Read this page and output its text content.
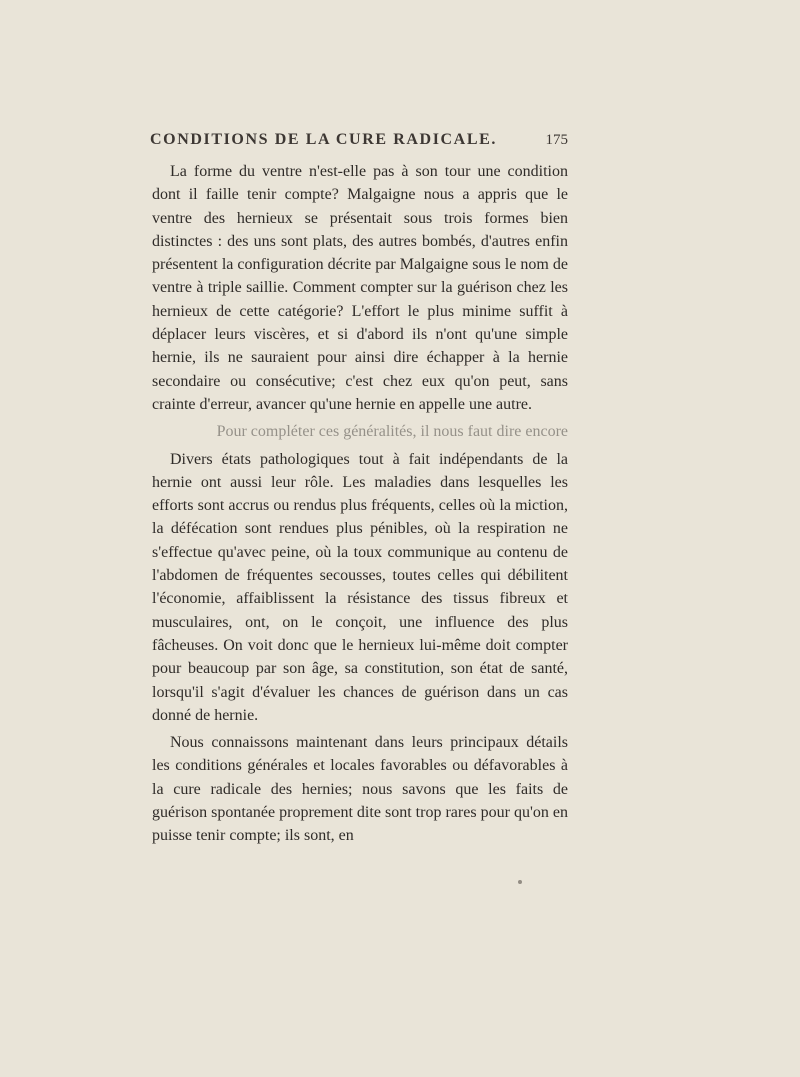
CONDITIONS DE LA CURE RADICALE.	175

La forme du ventre n'est-elle pas à son tour une condition dont il faille tenir compte? Malgaigne nous a appris que le ventre des hernieux se présentait sous trois formes bien distinctes : des uns sont plats, des autres bombés, d'autres enfin présentent la configuration décrite par Malgaigne sous le nom de ventre à triple saillie. Comment compter sur la guérison chez les hernieux de cette catégorie? L'effort le plus minime suffit à déplacer leurs viscères, et si d'abord ils n'ont qu'une simple hernie, ils ne sauraient pour ainsi dire échapper à la hernie secondaire ou consécutive; c'est chez eux qu'on peut, sans crainte d'erreur, avancer qu'une hernie en appelle une autre.

Pour compléter ces généralités, il nous faut dire encore

Divers états pathologiques tout à fait indépendants de la hernie ont aussi leur rôle. Les maladies dans lesquelles les efforts sont accrus ou rendus plus fréquents, celles où la miction, la défécation sont rendues plus pénibles, où la respiration ne s'effectue qu'avec peine, où la toux communique au contenu de l'abdomen de fréquentes secousses, toutes celles qui débilitent l'économie, affaiblissent la résistance des tissus fibreux et musculaires, ont, on le conçoit, une influence des plus fâcheuses. On voit donc que le hernieux lui-même doit compter pour beaucoup par son âge, sa constitution, son état de santé, lorsqu'il s'agit d'évaluer les chances de guérison dans un cas donné de hernie.

Nous connaissons maintenant dans leurs principaux détails les conditions générales et locales favorables ou défavorables à la cure radicale des hernies; nous savons que les faits de guérison spontanée proprement dite sont trop rares pour qu'on en puisse tenir compte; ils sont, en
